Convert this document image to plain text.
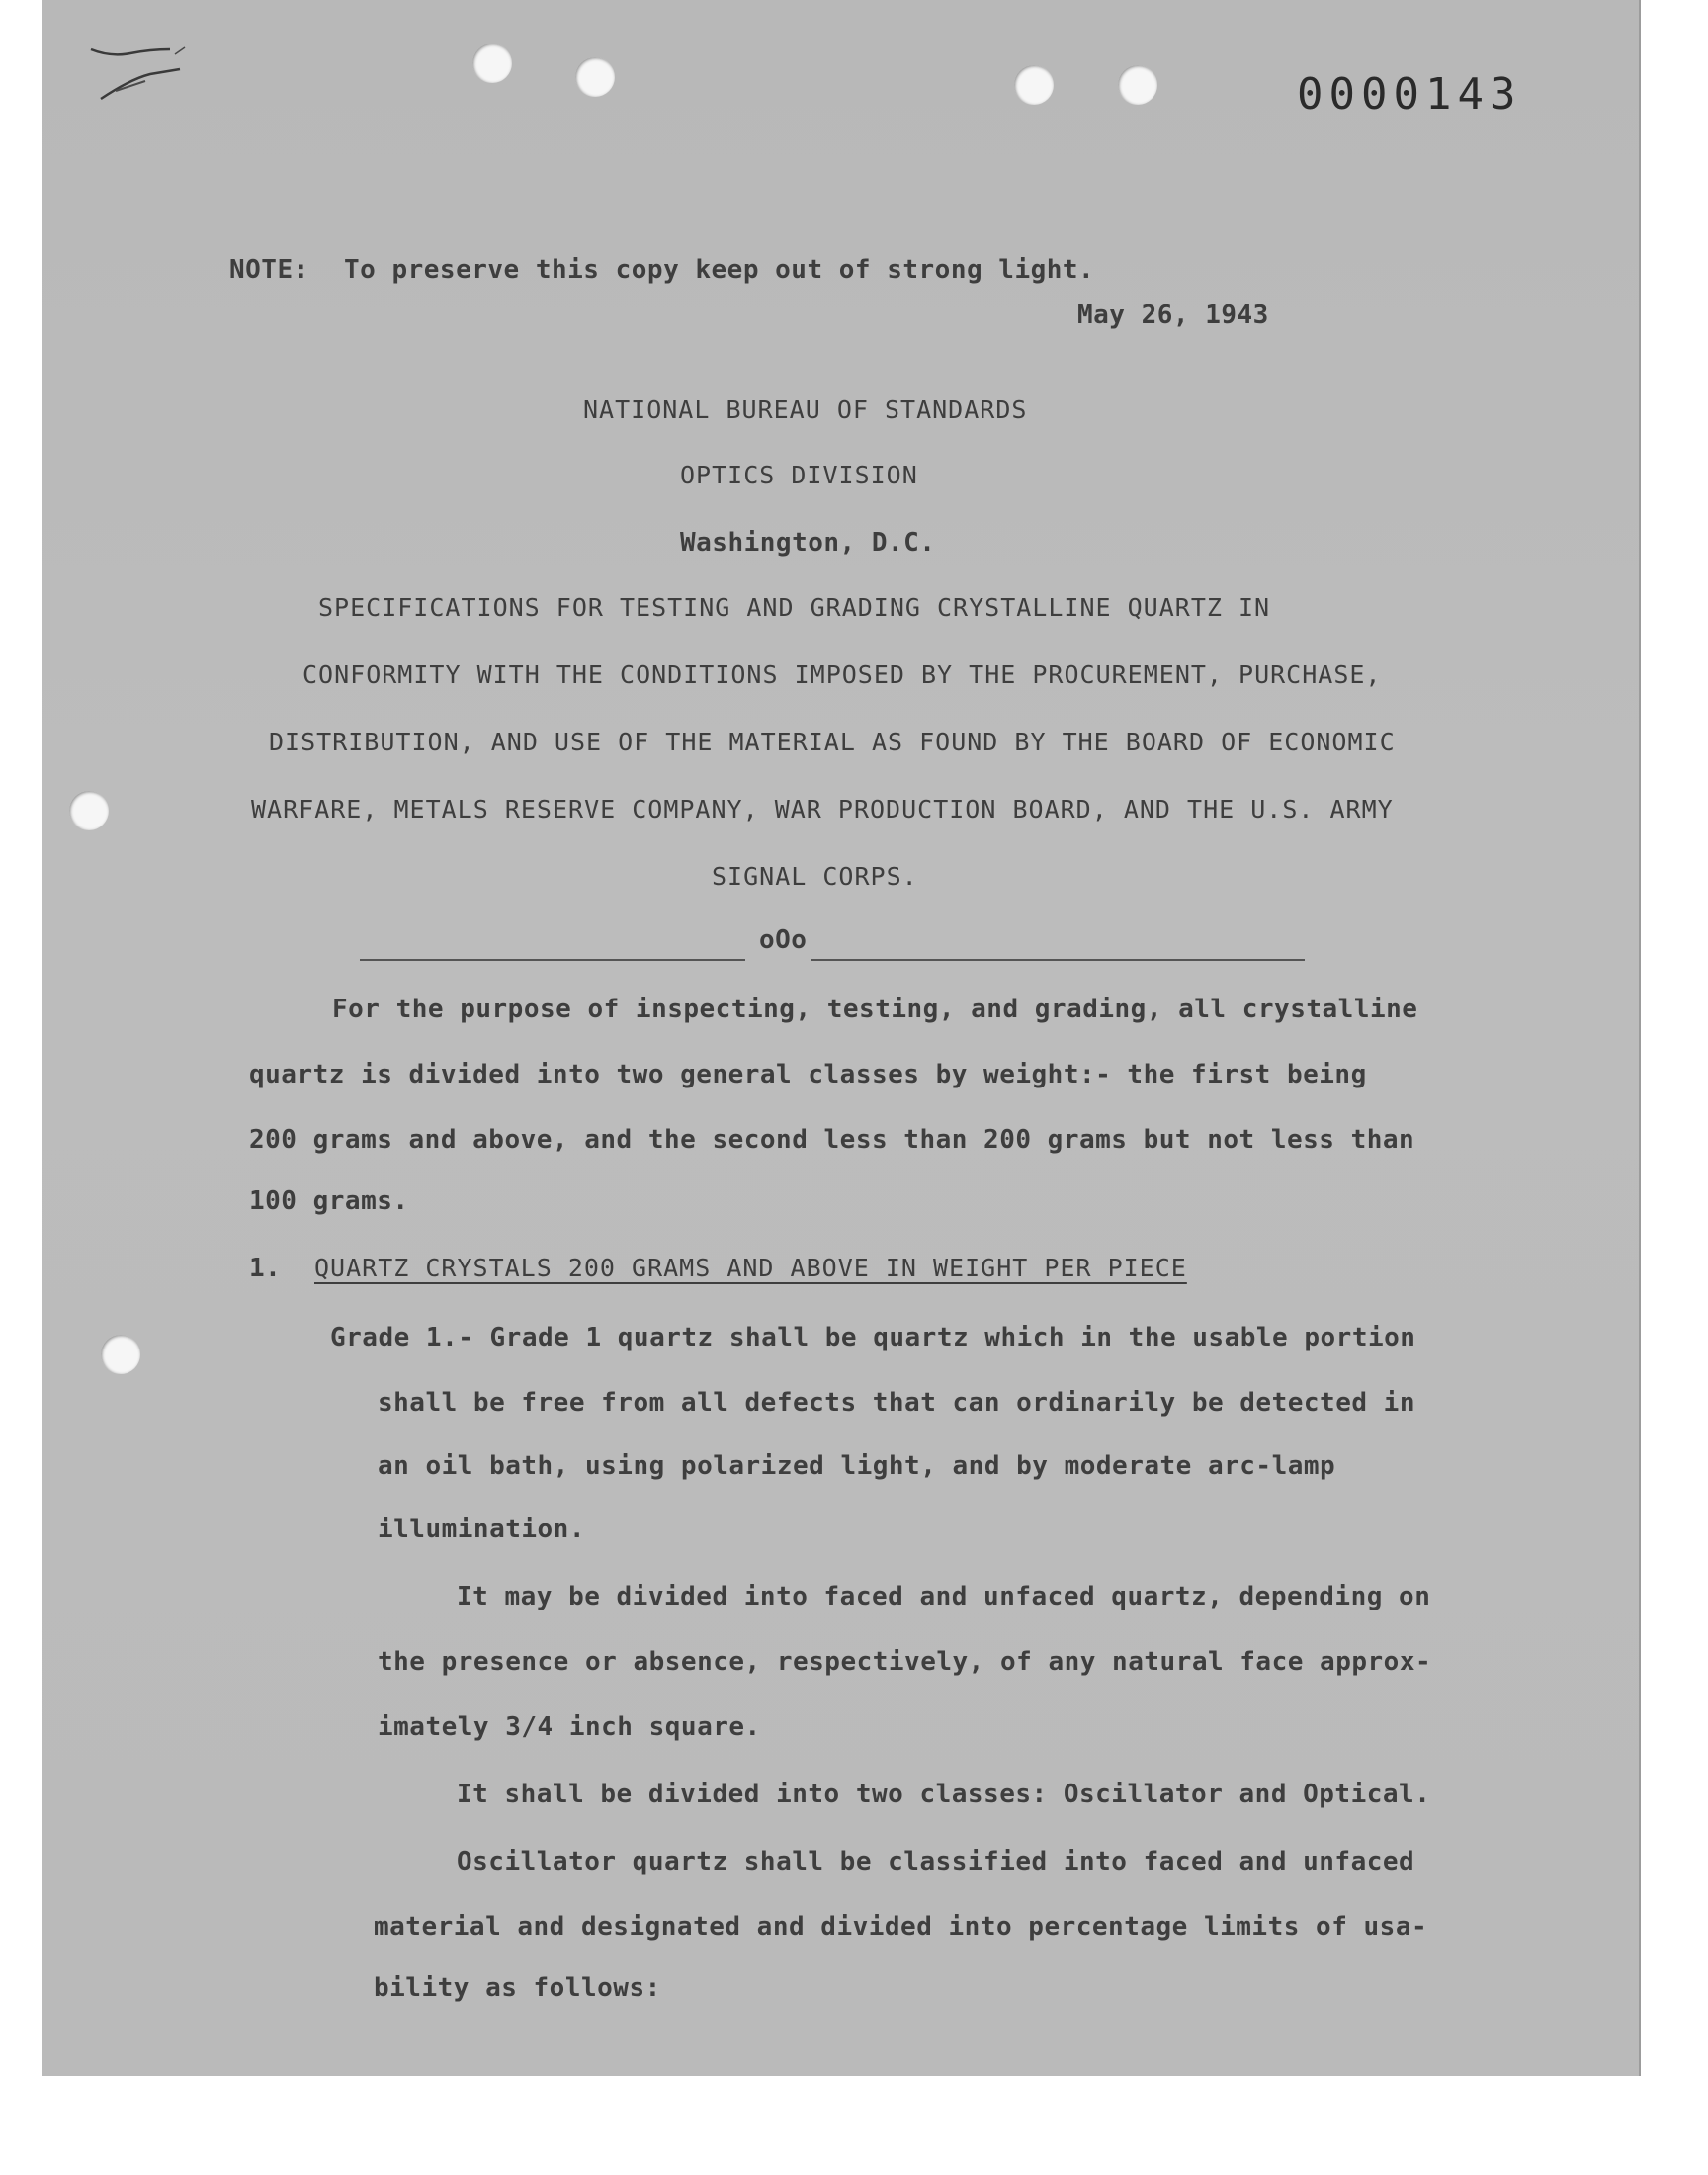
0000143
NOTE: To preserve this copy keep out of strong light.
May 26, 1943
NATIONAL BUREAU OF STANDARDS
OPTICS DIVISION
Washington, D.C.
SPECIFICATIONS FOR TESTING AND GRADING CRYSTALLINE QUARTZ IN
CONFORMITY WITH THE CONDITIONS IMPOSED BY THE PROCUREMENT, PURCHASE,
DISTRIBUTION, AND USE OF THE MATERIAL AS FOUND BY THE BOARD OF ECONOMIC
WARFARE, METALS RESERVE COMPANY, WAR PRODUCTION BOARD, AND THE U.S. ARMY
SIGNAL CORPS.
oOo
For the purpose of inspecting, testing, and grading, all crystalline
quartz is divided into two general classes by weight:- the first being
200 grams and above, and the second less than 200 grams but not less than
100 grams.
1. QUARTZ CRYSTALS 200 GRAMS AND ABOVE IN WEIGHT PER PIECE
Grade 1.- Grade 1 quartz shall be quartz which in the usable portion
shall be free from all defects that can ordinarily be detected in
an oil bath, using polarized light, and by moderate arc-lamp
illumination.
It may be divided into faced and unfaced quartz, depending on
the presence or absence, respectively, of any natural face approx-
imately 3/4 inch square.
It shall be divided into two classes: Oscillator and Optical.
Oscillator quartz shall be classified into faced and unfaced
material and designated and divided into percentage limits of usa-
bility as follows:
